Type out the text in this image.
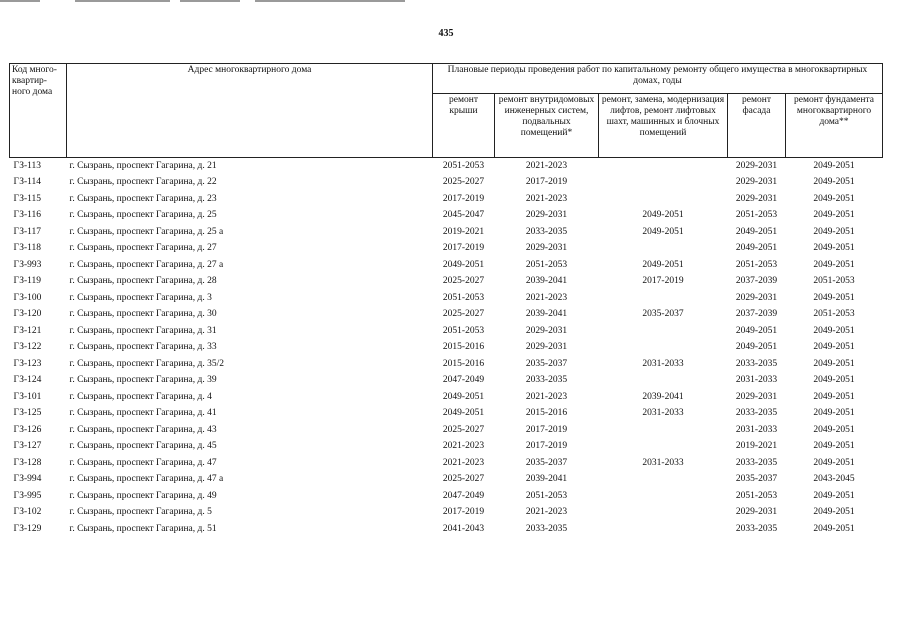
435
Код много-квартир-ного дома	Адрес многоквартирного дома	Плановые периоды проведения работ по капитальному ремонту общего имущества в многоквартирных домах, годы				
		ремонт крыши	ремонт внутридомовых инженерных систем, подвальных помещений*	ремонт, замена, модернизация лифтов, ремонт лифтовых шахт, машинных и блочных помещений	ремонт фасада	ремонт фундамента многоквартирного дома**
ГЗ-113	г. Сызрань, проспект Гагарина, д. 21	2051-2053	2021-2023		2029-2031	2049-2051
ГЗ-114	г. Сызрань, проспект Гагарина, д. 22	2025-2027	2017-2019		2029-2031	2049-2051
ГЗ-115	г. Сызрань, проспект Гагарина, д. 23	2017-2019	2021-2023		2029-2031	2049-2051
ГЗ-116	г. Сызрань, проспект Гагарина, д. 25	2045-2047	2029-2031	2049-2051	2051-2053	2049-2051
ГЗ-117	г. Сызрань, проспект Гагарина, д. 25 а	2019-2021	2033-2035	2049-2051	2049-2051	2049-2051
ГЗ-118	г. Сызрань, проспект Гагарина, д. 27	2017-2019	2029-2031		2049-2051	2049-2051
ГЗ-993	г. Сызрань, проспект Гагарина, д. 27 а	2049-2051	2051-2053	2049-2051	2051-2053	2049-2051
ГЗ-119	г. Сызрань, проспект Гагарина, д. 28	2025-2027	2039-2041	2017-2019	2037-2039	2051-2053
ГЗ-100	г. Сызрань, проспект Гагарина, д. 3	2051-2053	2021-2023		2029-2031	2049-2051
ГЗ-120	г. Сызрань, проспект Гагарина, д. 30	2025-2027	2039-2041	2035-2037	2037-2039	2051-2053
ГЗ-121	г. Сызрань, проспект Гагарина, д. 31	2051-2053	2029-2031		2049-2051	2049-2051
ГЗ-122	г. Сызрань, проспект Гагарина, д. 33	2015-2016	2029-2031		2049-2051	2049-2051
ГЗ-123	г. Сызрань, проспект Гагарина, д. 35/2	2015-2016	2035-2037	2031-2033	2033-2035	2049-2051
ГЗ-124	г. Сызрань, проспект Гагарина, д. 39	2047-2049	2033-2035		2031-2033	2049-2051
ГЗ-101	г. Сызрань, проспект Гагарина, д. 4	2049-2051	2021-2023	2039-2041	2029-2031	2049-2051
ГЗ-125	г. Сызрань, проспект Гагарина, д. 41	2049-2051	2015-2016	2031-2033	2033-2035	2049-2051
ГЗ-126	г. Сызрань, проспект Гагарина, д. 43	2025-2027	2017-2019		2031-2033	2049-2051
ГЗ-127	г. Сызрань, проспект Гагарина, д. 45	2021-2023	2017-2019		2019-2021	2049-2051
ГЗ-128	г. Сызрань, проспект Гагарина, д. 47	2021-2023	2035-2037	2031-2033	2033-2035	2049-2051
ГЗ-994	г. Сызрань, проспект Гагарина, д. 47 а	2025-2027	2039-2041		2035-2037	2043-2045
ГЗ-995	г. Сызрань, проспект Гагарина, д. 49	2047-2049	2051-2053		2051-2053	2049-2051
ГЗ-102	г. Сызрань, проспект Гагарина, д. 5	2017-2019	2021-2023		2029-2031	2049-2051
ГЗ-129	г. Сызрань, проспект Гагарина, д. 51	2041-2043	2033-2035		2033-2035	2049-2051
